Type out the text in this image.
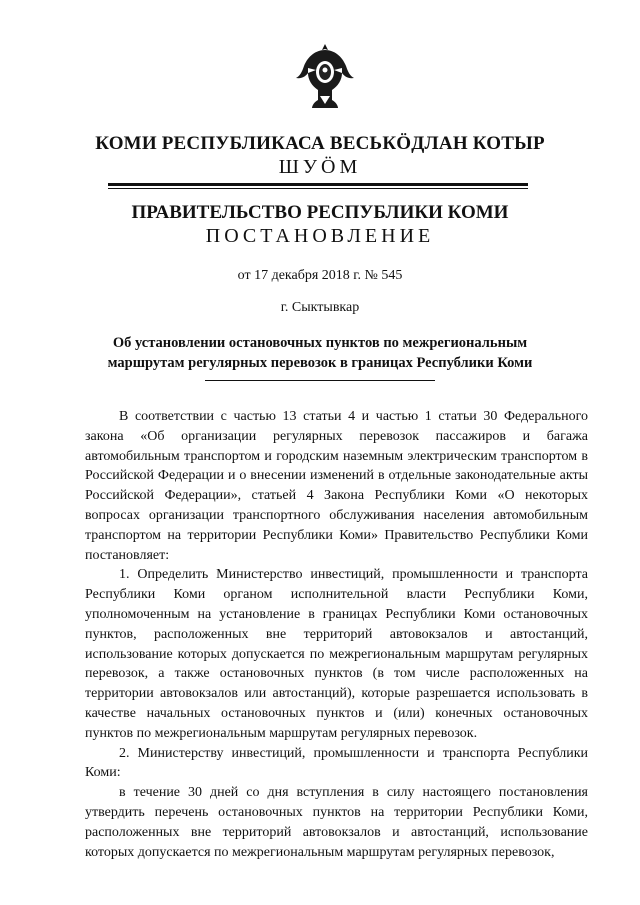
КОМИ РЕСПУБЛИКАСА ВЕСЬКӦДЛАН КОТЫР
ШУӦМ
ПРАВИТЕЛЬСТВО РЕСПУБЛИКИ КОМИ
ПОСТАНОВЛЕНИЕ
от 17 декабря 2018 г. № 545
г. Сыктывкар
Об установлении остановочных пунктов по межрегиональным
маршрутам регулярных перевозок в границах Республики Коми

В соответствии с частью 13 статьи 4 и частью 1 статьи 30 Федерального закона «Об организации регулярных перевозок пассажиров и багажа автомобильным транспортом и городским наземным электрическим транспортом в Российской Федерации и о внесении изменений в отдельные законодательные акты Российской Федерации», статьей 4 Закона Республики Коми «О некоторых вопросах организации транспортного обслуживания населения автомобильным транспортом на территории Республики Коми» Правительство Республики Коми постановляет:

1. Определить Министерство инвестиций, промышленности и транспорта Республики Коми органом исполнительной власти Республики Коми, уполномоченным на установление в границах Республики Коми остановочных пунктов, расположенных вне территорий автовокзалов и автостанций, использование которых допускается по межрегиональным маршрутам регулярных перевозок, а также остановочных пунктов (в том числе расположенных на территории автовокзалов или автостанций), которые разрешается использовать в качестве начальных остановочных пунктов и (или) конечных остановочных пунктов по межрегиональным маршрутам регулярных перевозок.

2. Министерству инвестиций, промышленности и транспорта Республики Коми:

в течение 30 дней со дня вступления в силу настоящего постановления утвердить перечень остановочных пунктов на территории Республики Коми, расположенных вне территорий автовокзалов и автостанций, использование которых допускается по межрегиональным маршрутам регулярных перевозок,
